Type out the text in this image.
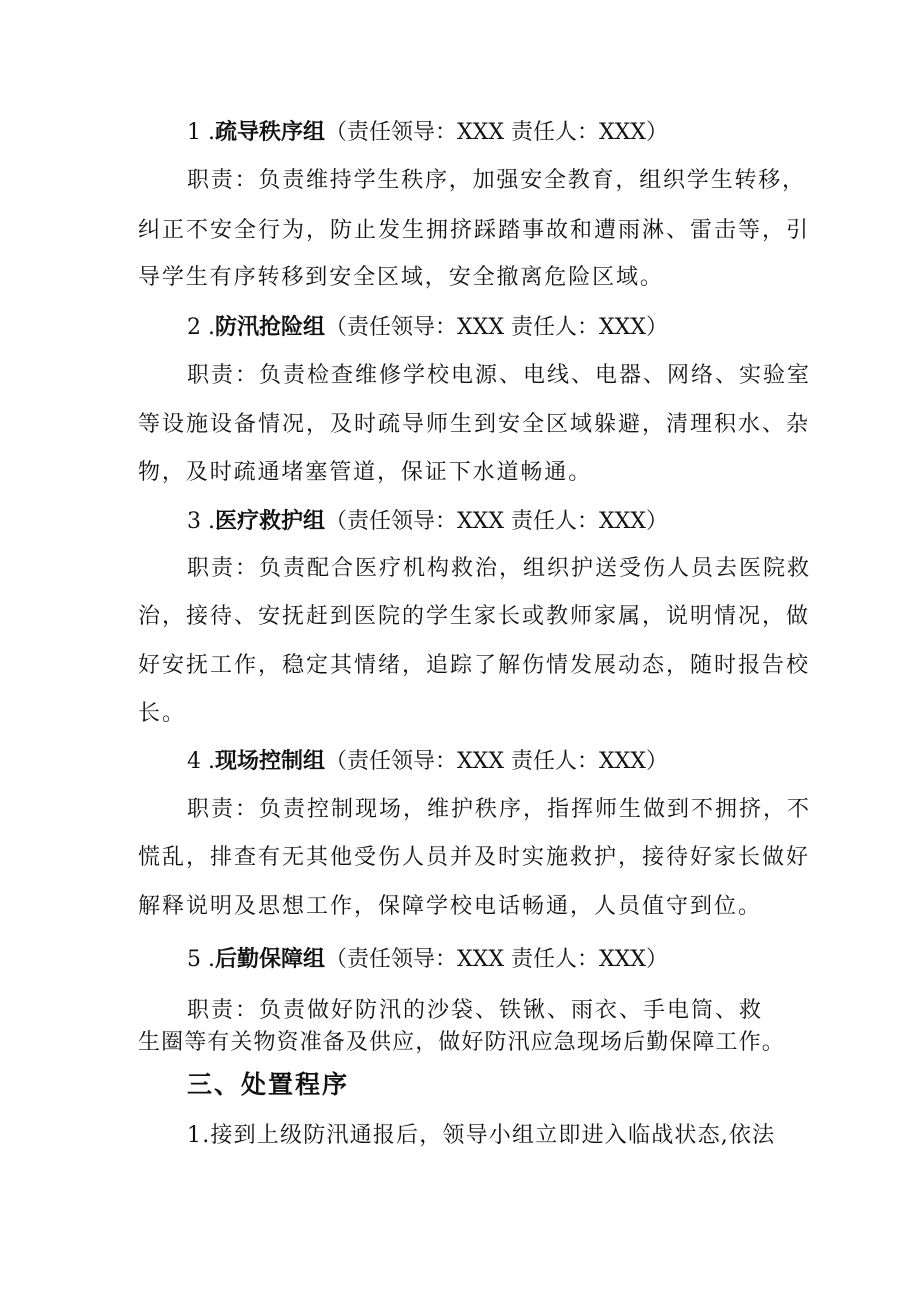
1 .疏导秩序组（责任领导：XXX 责任人：XXX）
职责：负责维持学生秩序，加强安全教育，组织学生转移，
纠正不安全行为，防止发生拥挤踩踏事故和遭雨淋、雷击等，引
导学生有序转移到安全区域，安全撤离危险区域。
2 .防汛抢险组（责任领导：XXX 责任人：XXX）
职责：负责检查维修学校电源、电线、电器、网络、实验室
等设施设备情况，及时疏导师生到安全区域躲避，清理积水、杂
物，及时疏通堵塞管道，保证下水道畅通。
3 .医疗救护组（责任领导：XXX 责任人：XXX）
职责：负责配合医疗机构救治，组织护送受伤人员去医院救
治，接待、安抚赶到医院的学生家长或教师家属，说明情况，做
好安抚工作，稳定其情绪，追踪了解伤情发展动态，随时报告校
长。
4 .现场控制组（责任领导：XXX 责任人：XXX）
职责：负责控制现场，维护秩序，指挥师生做到不拥挤，不
慌乱，排查有无其他受伤人员并及时实施救护，接待好家长做好
解释说明及思想工作，保障学校电话畅通，人员值守到位。
5 .后勤保障组（责任领导：XXX 责任人：XXX）
职责：负责做好防汛的沙袋、铁锹、雨衣、手电筒、救
生圈等有关物资准备及供应，做好防汛应急现场后勤保障工作。
三、处置程序
1.接到上级防汛通报后，领导小组立即进入临战状态,依法
